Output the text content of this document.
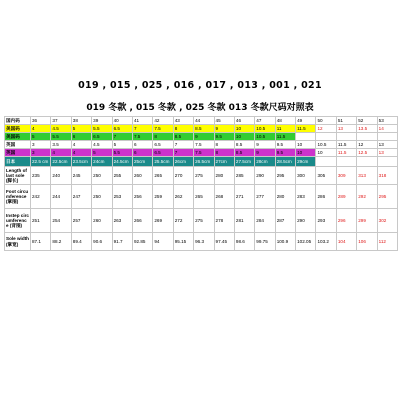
019 , 015 , 025 , 016 , 017 , 013 , 001 , 021
019 冬款 , 015 冬款 , 025 冬款 013 冬款尺码对照表
国内码	36	37	38	39	40	41	42	43	44	45	46	47	48	49	50	51	52	53
美国码	4	4.5	5	5.5	6.5	7	7.5	8	8.5	9	10	10.5	11	11.5	12	13	13.5	14
美国码	5	5.5	6	6.5	7	7.5	8	8.5	9	9.5	10	10.5	11.5					
英国	3	3.5	4	4.5	5	6	6.5	7	7.5	8	8.5	9	9.5	10	10.5	11.5	12	13
英国	3	4	4	5	5.5	6	6.5	7	7.5	8	8.5	9	9.5	10	10	11.5	12.5	13
日本	22.5 cm	22.5cm	23.5cm	24cm	24.5cm	25cm	25.5cm	26cm	26.5cm	27cm	27.5cm	28cm	28.5cm	29cm				
Length of last sole (脚长)	235	240	245	250	255	260	265	270	275	280	285	290	295	300	305	309	313	318
Foot circumference (掌围)	242	244	247	250	253	256	259	262	265	268	271	277	280	283	286	289	292	295
Instep circumference (背围)	251	254	257	260	263	266	269	272	275	278	281	284	287	290	293	296	299	302
Sole width (掌宽)	87.1	88.2	89.4	90.6	91.7	92.85	94	95.15	96.3	97.45	98.6	99.75	100.9	102.05	103.2	104	106	112
